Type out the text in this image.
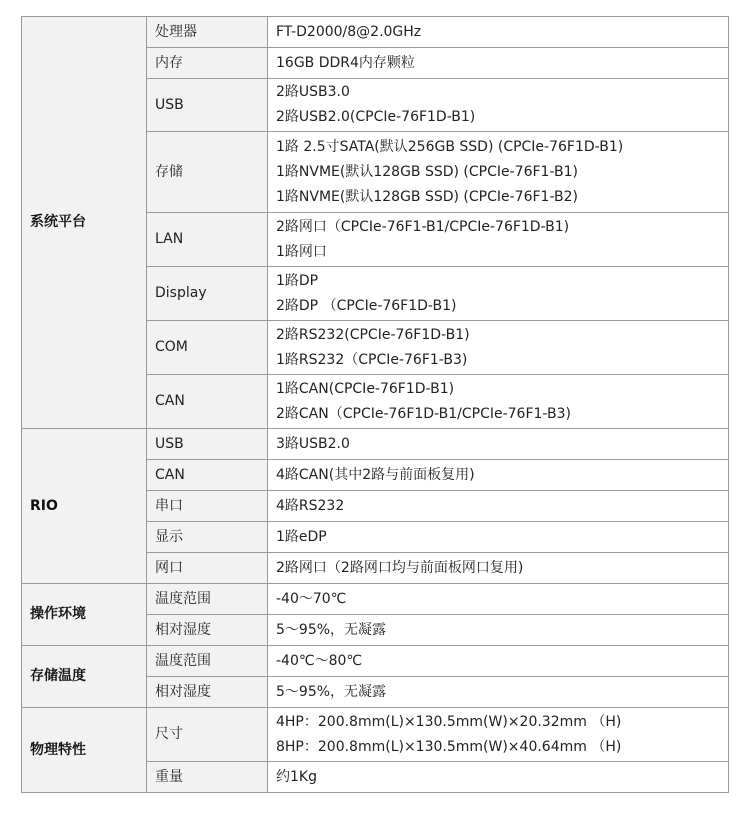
系统平台	处理器	FT-D2000/8@2.0GHz

	内存	16GB DDR4内存颗粒

	USB	2路USB3.0
2路USB2.0(CPCIe-76F1D-B1)

	存储	1路 2.5寸SATA(默认256GB SSD) (CPCIe-76F1D-B1)
1路NVME(默认128GB SSD) (CPCIe-76F1-B1)
1路NVME(默认128GB SSD) (CPCIe-76F1-B2)

	LAN	2路网口（CPCIe-76F1-B1/CPCIe-76F1D-B1)
1路网口

	Display	1路DP
2路DP （CPCIe-76F1D-B1)

	COM	2路RS232(CPCIe-76F1D-B1)
1路RS232（CPCIe-76F1-B3)

	CAN	1路CAN(CPCIe-76F1D-B1)
2路CAN（CPCIe-76F1D-B1/CPCIe-76F1-B3)

RIO	USB	3路USB2.0

	CAN	4路CAN(其中2路与前面板复用)

	串口	4路RS232

	显示	1路eDP

	网口	2路网口（2路网口均与前面板网口复用)

操作环境	温度范围	-40～70℃

	相对湿度	5～95%，无凝露

存储温度	温度范围	-40℃～80℃

	相对湿度	5～95%，无凝露

物理特性	尺寸	4HP：200.8mm(L)×130.5mm(W)×20.32mm （H)
8HP：200.8mm(L)×130.5mm(W)×40.64mm （H)

	重量	约1Kg
